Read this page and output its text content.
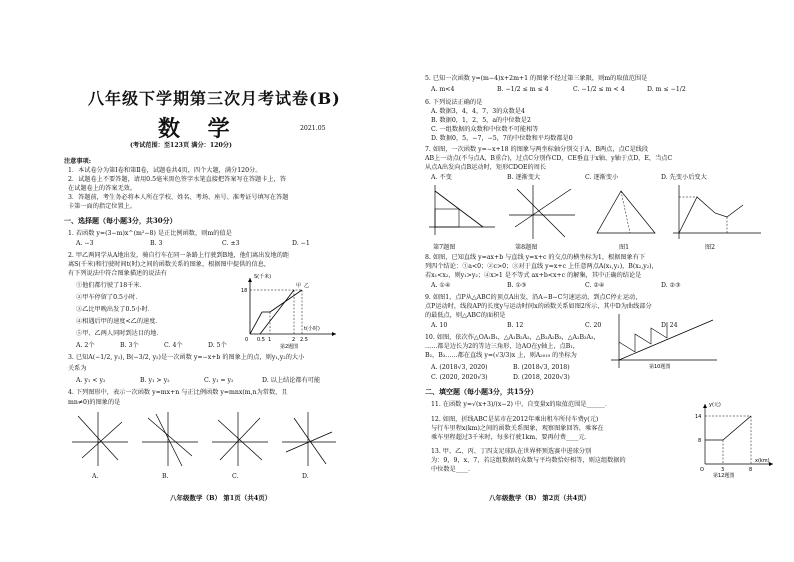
八年级下学期第三次月考试卷(B)
数 学	2021.05
(考试范围：至123页 满分：120分)
注意事项:
1．本试卷分为第Ⅰ卷和第Ⅱ卷，试题卷共4页，四个大题，满分120分。
2．试题卷上不要答题，请用0.5毫米黑色签字水笔直接把答案写在答题卡上，答
在试题卷上的答案无效。
3．答题前，考生务必将本人所在学校、姓名、考场、座号、准考证号填写在答题
卡第一面的指定位置上。
一、选择题（每小题3分，共30分）
1. 若函数 y=(3−m)x^(m²−8) 是正比例函数，则m的值是
A. −3	B. 3	C. ±3	D. −1
2. 甲乙两同学从A地出发，骑自行车在同一条路上行驶到B地，他们离出发地的距
离S(千米)和行驶时间t(时)之间的函数关系的图象，根据图中提供的信息，
有下列说法中符合图象描述的说法有
①他们都行驶了18千米．
②甲车停留了0.5小时．
③乙比甲晚出发了0.5小时．
④相遇后甲的速度<乙的速度．
⑤甲、乙两人同时到达目的地．
A. 2个	B. 3个	C. 4个	D. 5个
S(千米)
18
t(小时)
0 0.5 1	2 2.5
甲 乙
第2题图
3. 已知A(−1/2, y₁), B(−3/2, y₂)是一次函数 y=−x+b 的图象上的点，则y₁,y₂的大小
关系为
A. y₁ < y₂	B. y₁ > y₂	C. y₁ = y₂	D. 以上结论都有可能
4. 下列图形中，表示一次函数 y=mx+n 与正比例函数 y=mnx(m,n为常数，且
mn≠0)的图象的是
A.	B.	C.	D.
八年级数学（B） 第1页（共4页）
5. 已知一次函数 y=(m−4)x+2m+1 的图象不经过第三象限，则m的取值范围是
A. m<4	B. −1/2 ≤ m ≤ 4	C. −1/2 ≤ m < 4	D. m ≤ −1/2
6. 下列说法正确的是
A. 数据3，4，4，7，3的众数是4
B. 数据0，1，2，5，a的中位数是2
C. 一组数据的众数和中位数不可能相等
D. 数据0，5，−7，−5，7的中位数和平均数都是0
7. 如图，一次函数 y=−x+18 的图象与两坐标轴分别交于A，B两点，点C是线段
AB上一动点(不与点A，B重合)，过点C分别作CD，CE垂直于x轴、y轴于点D，E，当点C
从点A出发向点B运动时，矩形CDOE的周长
A. 不变	B. 逐渐变大	C. 逐渐变小	D. 先变小后变大
第7题图	第8题图	图1	图2
8. 如图，已知直线 y=ax+b 与直线 y=x+c 的交点的横坐标为1，根据图象有下
列四个结论：①a<0；②c>0；③对于直线 y=x+c 上任意两点A(x₁,y₁)，B(x₂,y₂)，
若x₁<x₂，则y₁>y₂；④x>1 是不等式 ax+b<x+c 的解集，其中正确的结论是
A. ①④	B. ①③	C. ②④	D. ②③
9. 如图1，点P从△ABC的顶点A出发，沿A−B−C匀速运动，到点C停止运动，
点P运动时，线段AP的长度y与运动时间x的函数关系如图2所示，其中D为曲线部分
的最低点，则△ABC的面积是
A. 10	B. 12	C. 20	D. 24
10. 如图，依次作△OA₁B₁，△A₁B₂A₂，△B₂A₂B₃，△A₂B₃A₃，
……都是边长为2的等边三角形，边AO在y轴上，点B₁，
B₂，B₃……都在直线 y=(√3/3)x 上，则A₂₀₁₉ 的坐标为
A. (2018√3, 2020)	B. (2018√3, 2018)
C. (2020, 2020√3)	D. (2018, 2020√3)
第10题图
二、填空题（每小题3分，共15分）
11. 在函数 y=√(x+3)/(x−2) 中，自变量x的取值范围是______．
12. 如图，折线ABC是某市在2012年乘出租车所付车费y(元)
与行车里程x(km)之间的函数关系图象，观察图象回答，乘客在
乘车里程超过3千米时，每多行驶1km，要再付费____元．
y(元)
14
8
x(km)
O	3	8
第12题图
13. 甲、乙、丙、丁四支足球队在世界杯预选赛中进球分别
为：9，9，x，7，若这组数据的众数与平均数恰好相等，则这组数据的
中位数是____．
八年级数学（B） 第2页（共4页）
